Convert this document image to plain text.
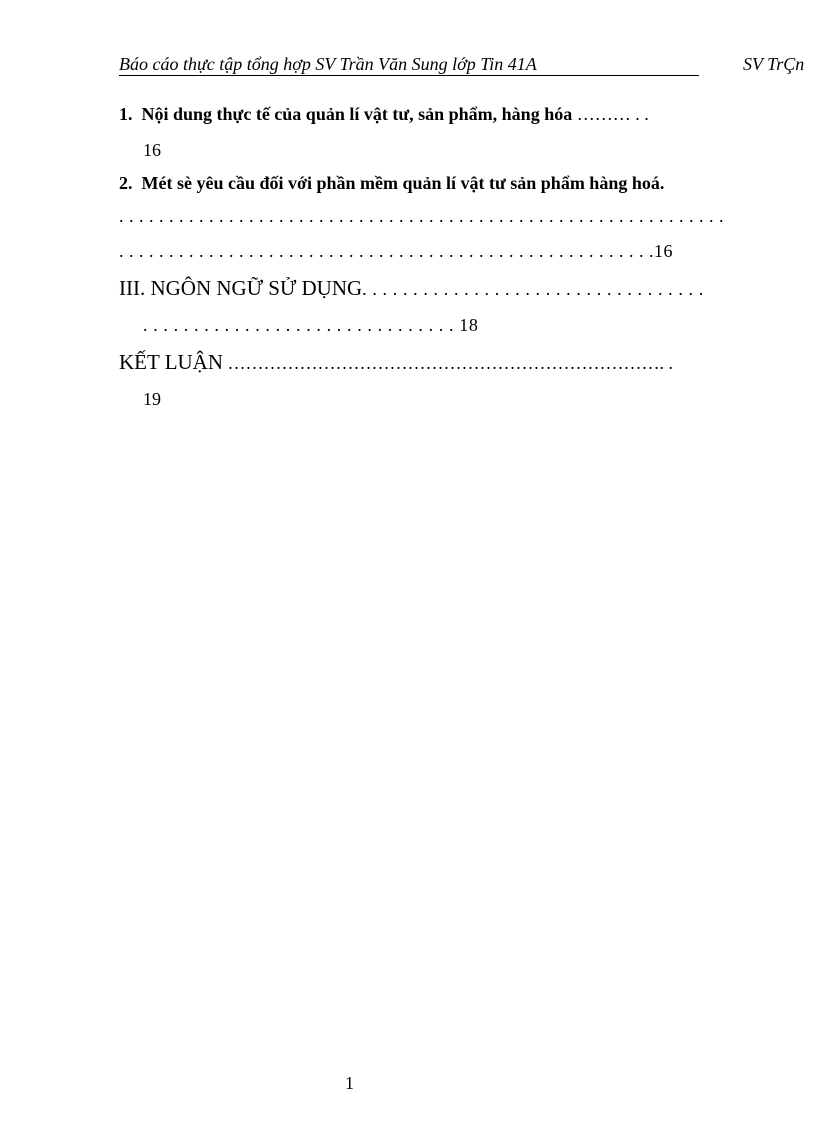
Báo cáo thực tập tổng hợp SV Trần Văn Sung lớp Tin 41A	SV TrÇn
1. Nội dung thực tế của quản lí vật tư, sản phẩm, hàng hóa ……… . .
16
2. Mét sè yêu cầu đối với phần mềm quản lí vật tư sản phẩm hàng hoá.
. . . . . . . . . . . . . . . . . . . . . . . . . . . . . . . . . . . . . . . . . . . . . . . . . . . . . . . . . . . . .
. . . . . . . . . . . . . . . . . . . . . . . . . . . . . . . . . . . . . . . . . . . . . . . . . . . . . .16
III. NGÔN NGỮ SỬ DỤNG. . . . . . . . . . . . . . . . . . . . . . . . . . . . . . . . . .
. . . . . . . . . . . . . . . . . . . . . . . . . . . . . . . 18
KẾT LUẬN ………………………………………………………………. .
19
1
